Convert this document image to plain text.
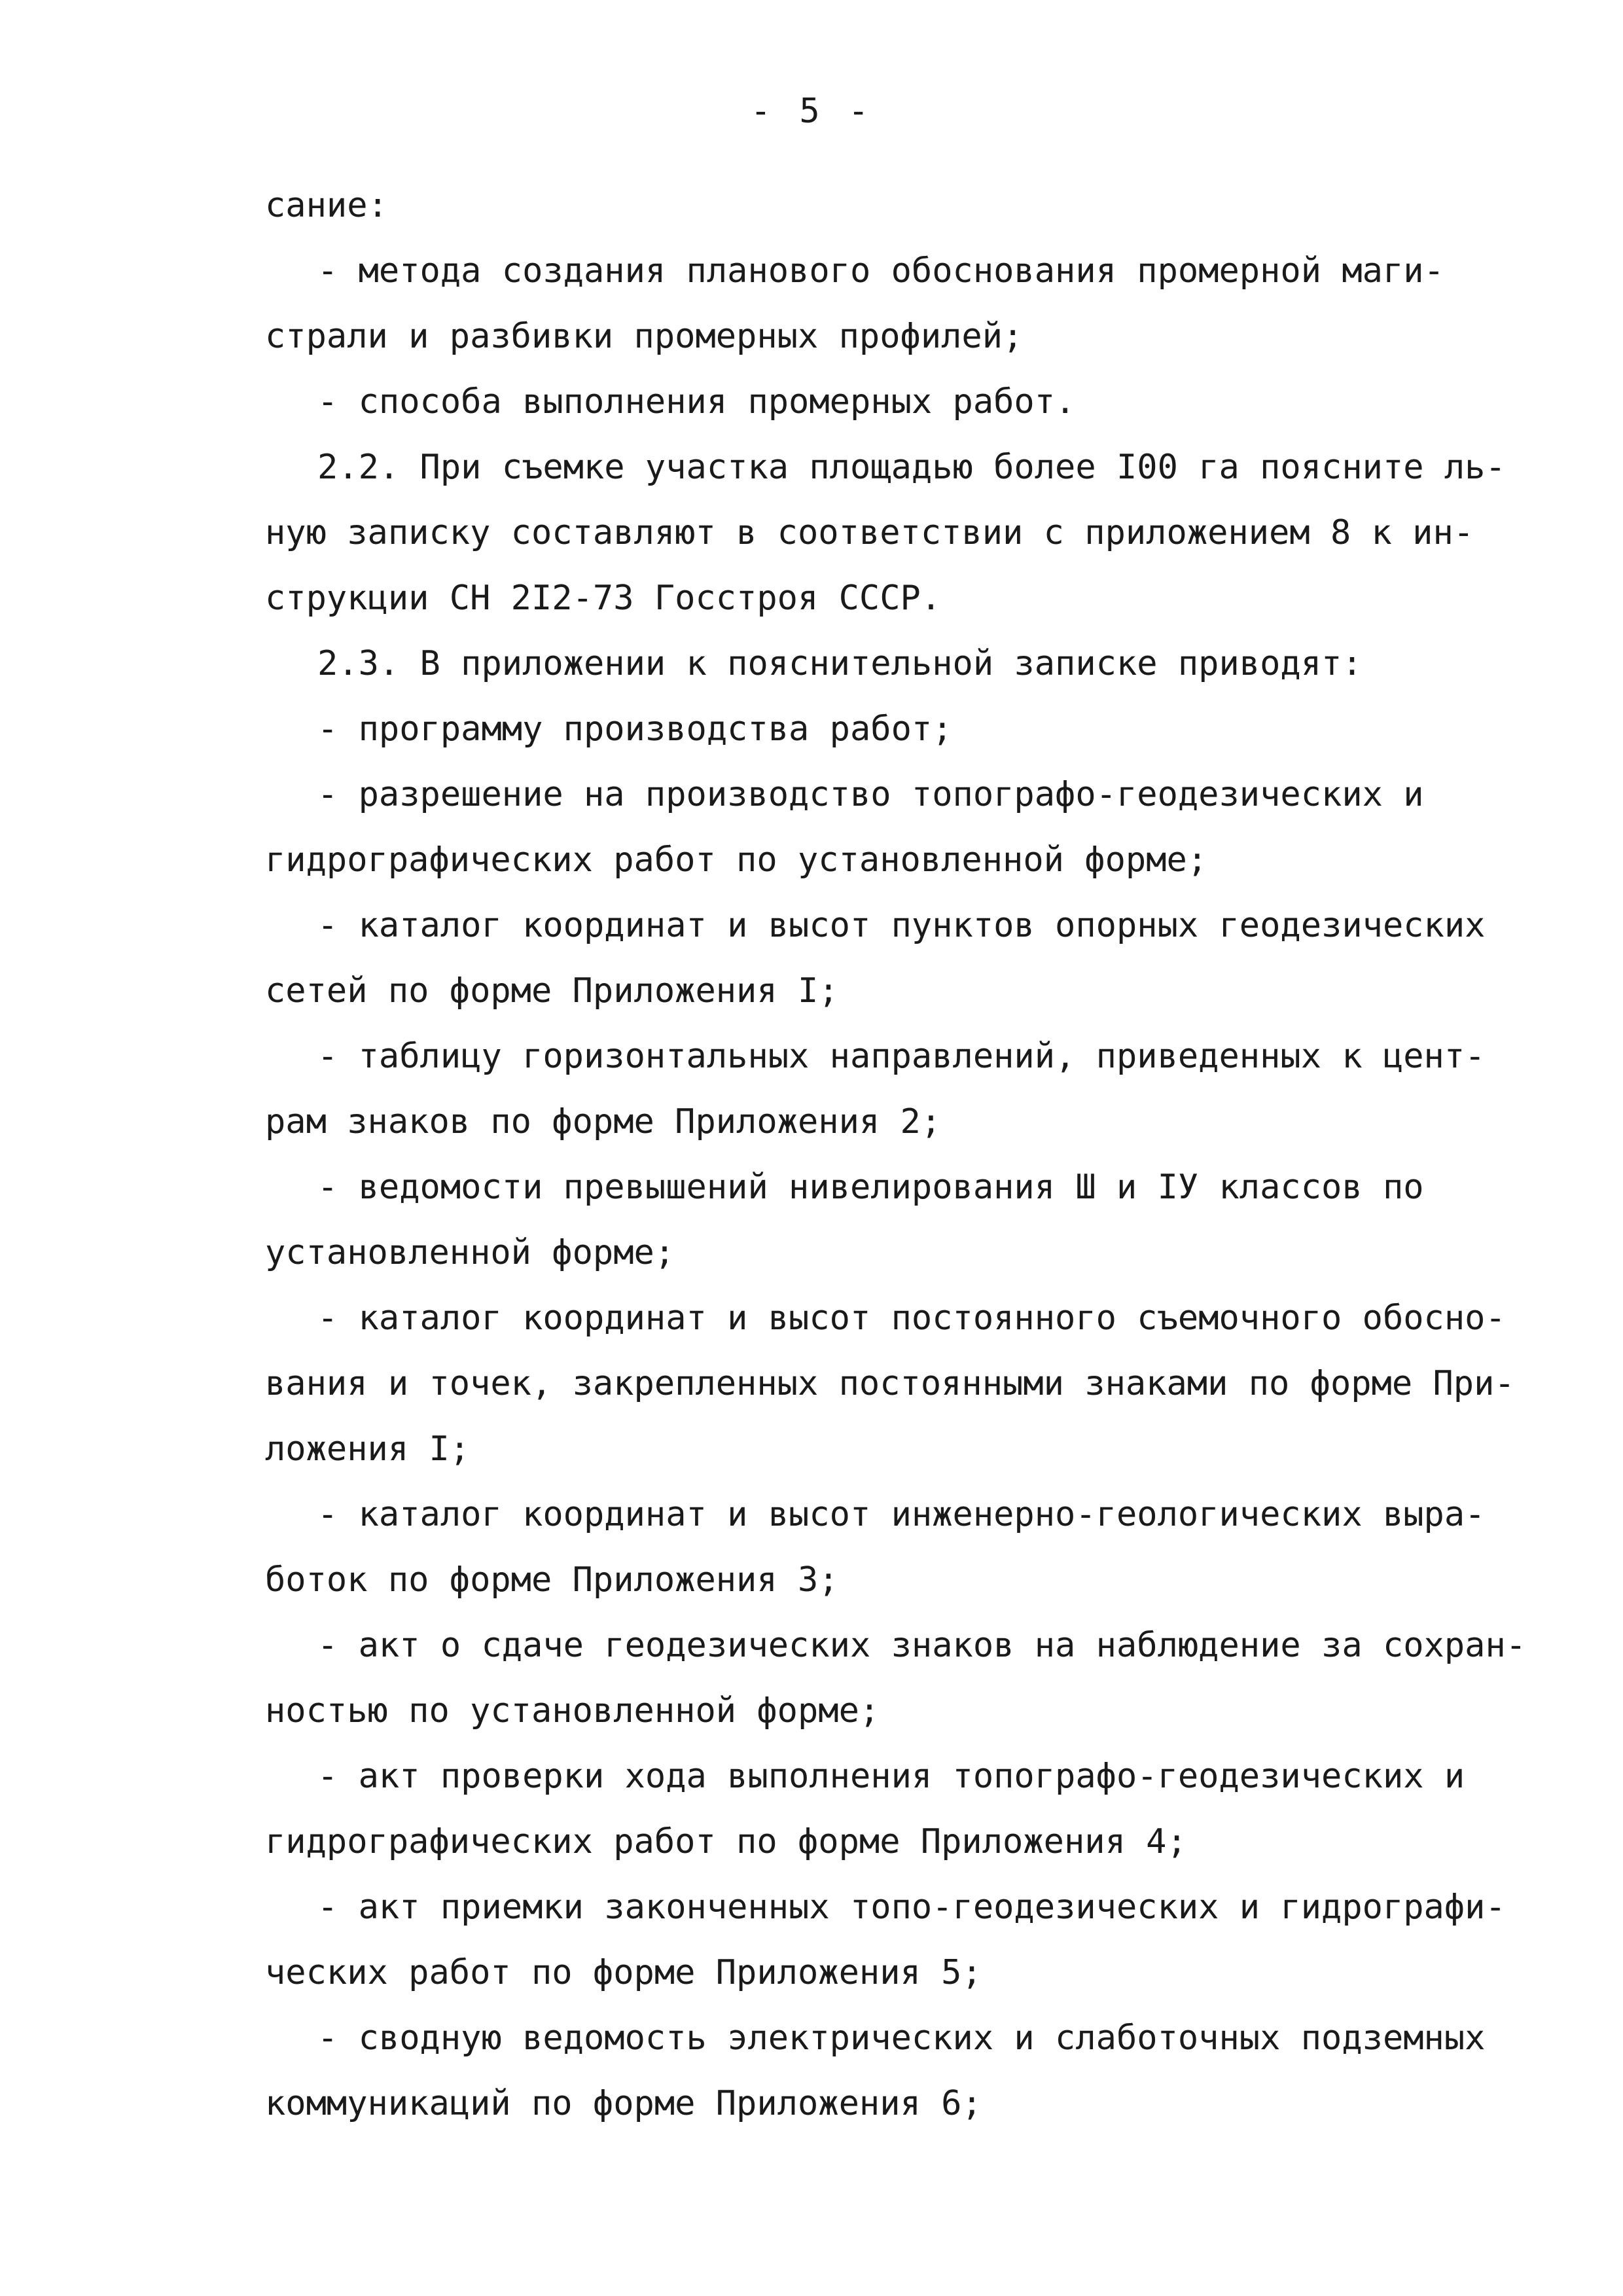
- 5 -
сание:
- метода создания планового обоснования промерной маги-
страли и разбивки промерных профилей;
- способа выполнения промерных работ.
2.2. При съемке участка площадью более I00 га поясните ль-
ную записку составляют в соответствии с приложением 8 к ин-
струкции СН 2I2-73 Госстроя СССР.
2.3. В приложении к пояснительной записке приводят:
- программу производства работ;
- разрешение на производство топографо-геодезических и
гидрографических работ по установленной форме;
- каталог координат и высот пунктов опорных геодезических
сетей по форме Приложения I;
- таблицу горизонтальных направлений, приведенных к цент-
рам знаков по форме Приложения 2;
- ведомости превышений нивелирования Ш и IУ классов по
установленной форме;
- каталог координат и высот постоянного съемочного обосно-
вания и точек, закрепленных постоянными знаками по форме При-
ложения I;
- каталог координат и высот инженерно-геологических выра-
боток по форме Приложения 3;
- акт о сдаче геодезических знаков на наблюдение за сохран-
ностью по установленной форме;
- акт проверки хода выполнения топографо-геодезических и
гидрографических работ по форме Приложения 4;
- акт приемки законченных топо-геодезических и гидрографи-
ческих работ по форме Приложения 5;
- сводную ведомость электрических и слаботочных подземных
коммуникаций по форме Приложения 6;
